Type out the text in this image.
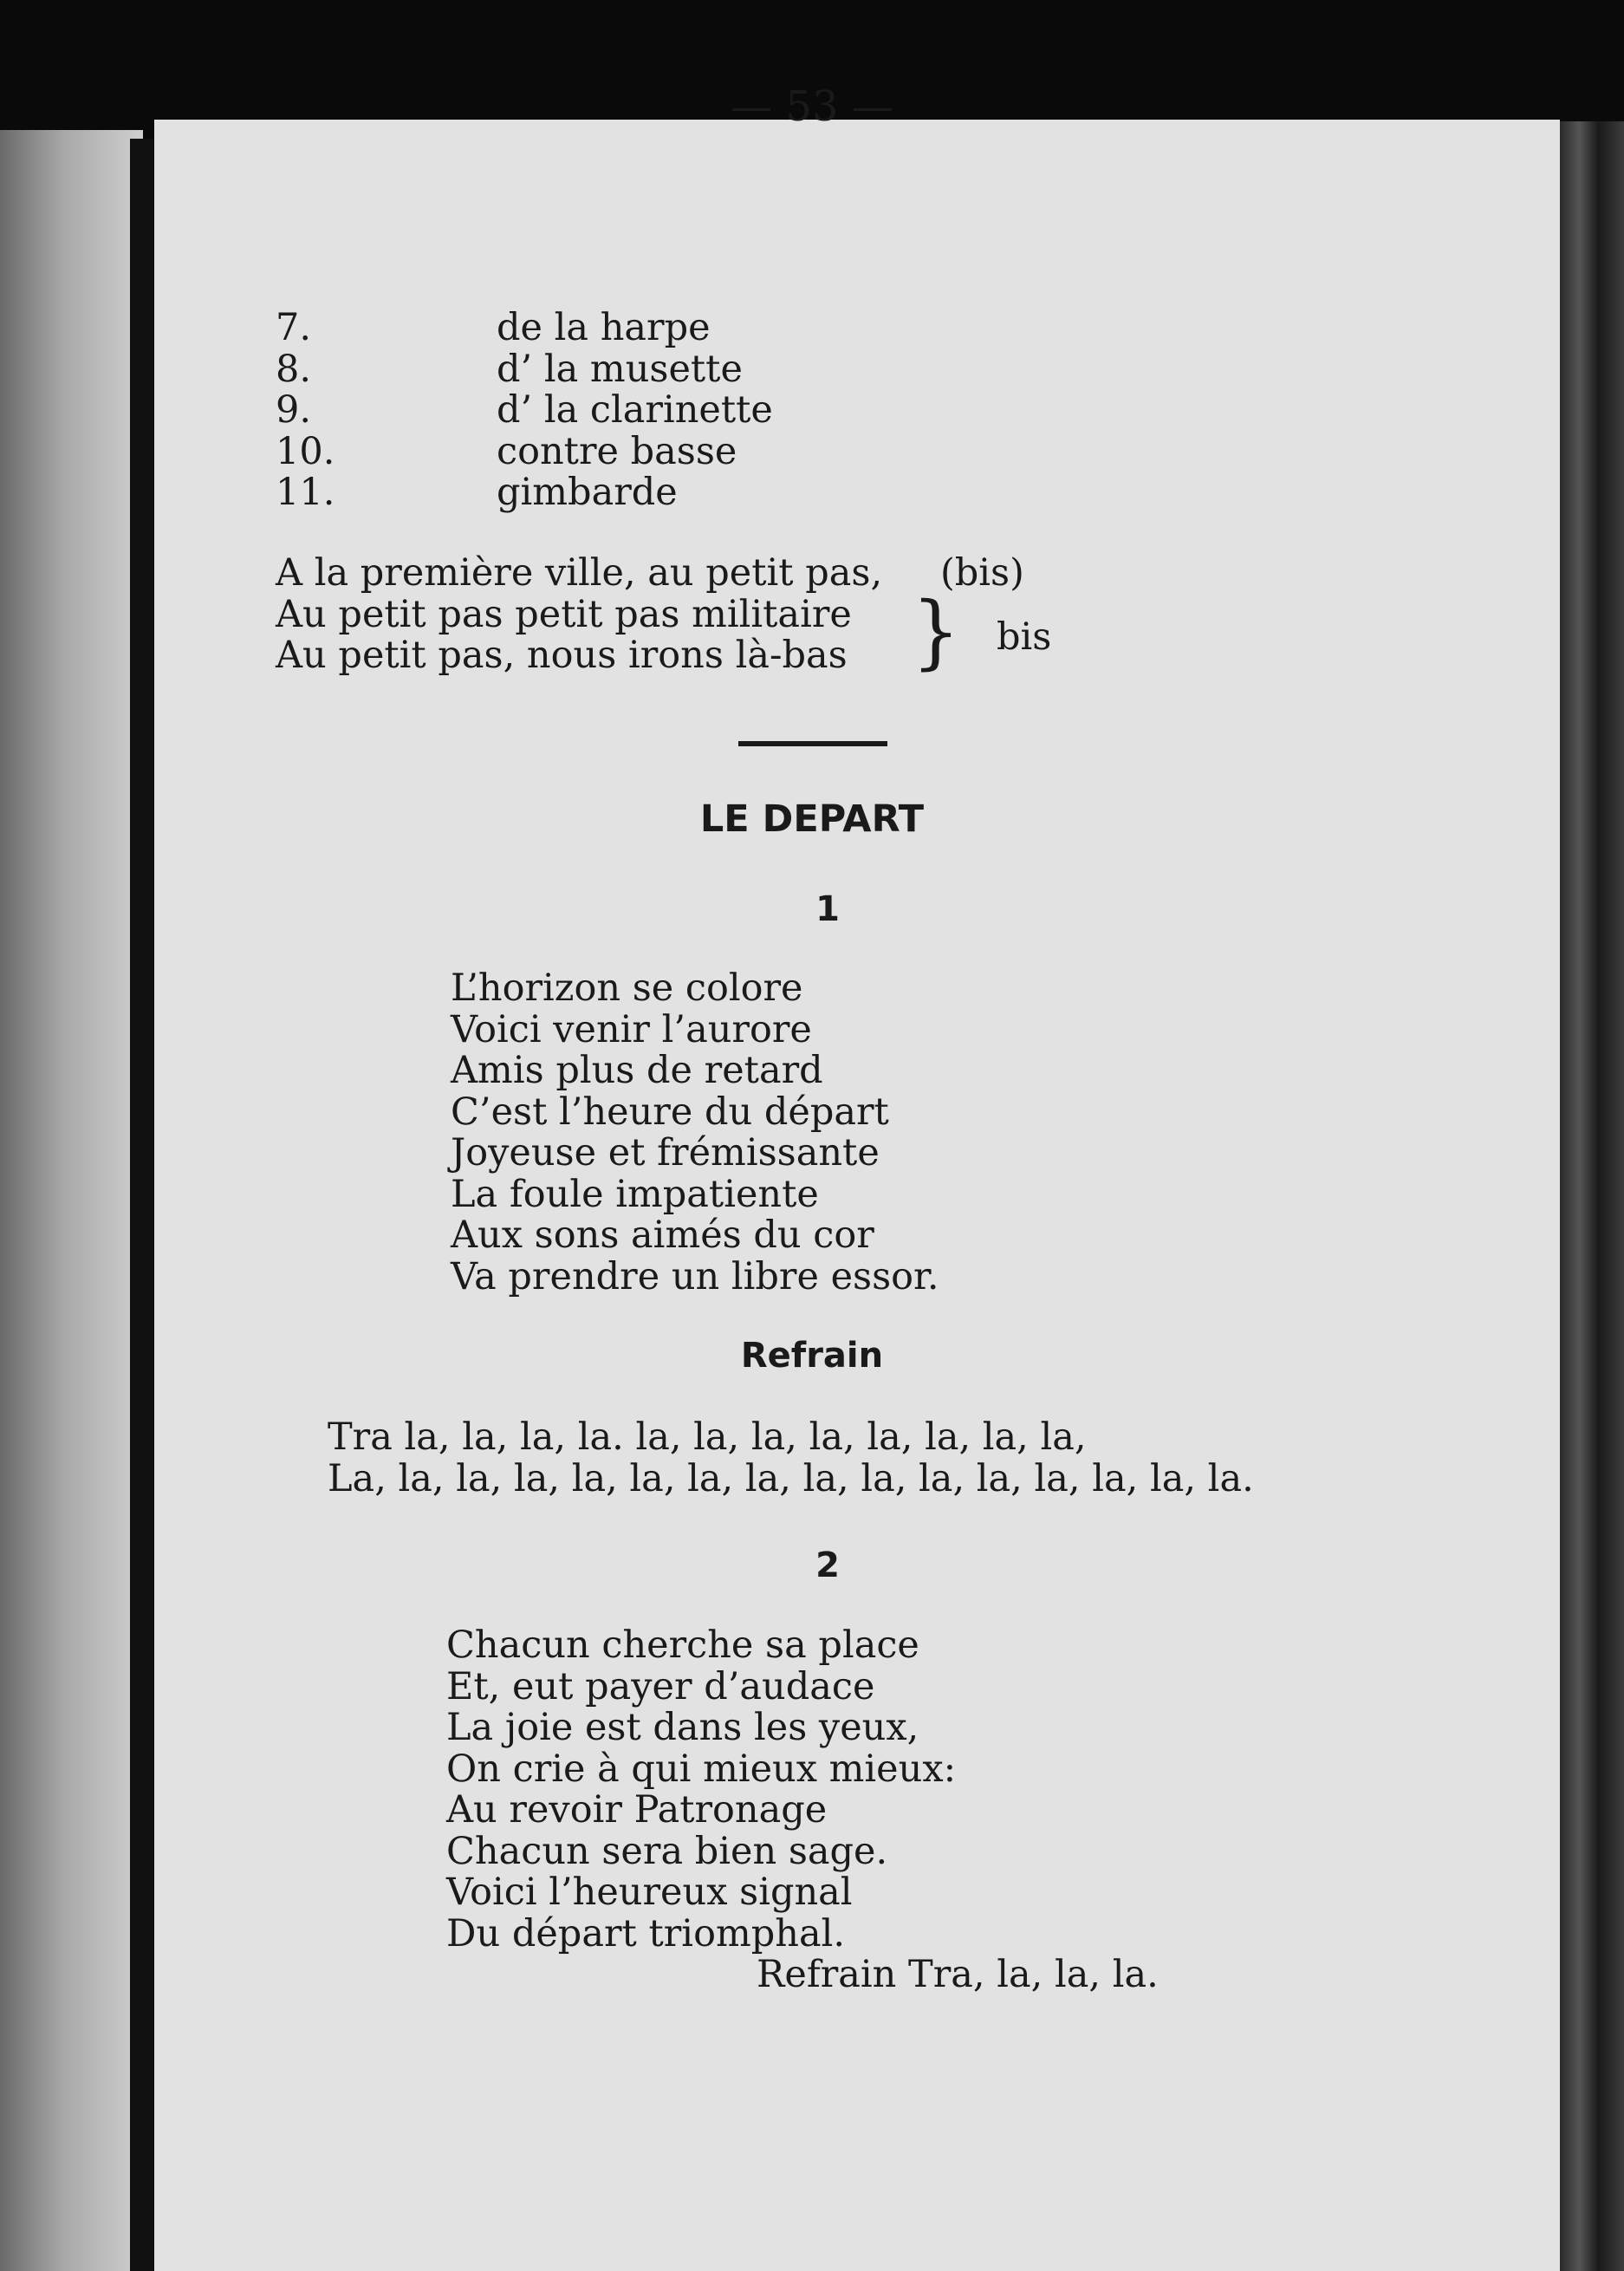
— 53 —
7.
8.
9.
10.
11.
de la harpe
d’ la musette
d’ la clarinette
contre basse
gimbarde
A la première ville, au petit pas,
Au petit pas petit pas militaire
Au petit pas, nous irons là-bas
(bis)
} bis
LE DEPART
1
L’horizon se colore
Voici venir l’aurore
Amis plus de retard
C’est l’heure du départ
Joyeuse et frémissante
La foule impatiente
Aux sons aimés du cor
Va prendre un libre essor.
Refrain
Tra la, la, la, la. la, la, la, la, la, la, la, la,
La, la, la, la, la, la, la, la, la, la, la, la, la, la, la, la.
2
Chacun cherche sa place
Et, eut payer d’audace
La joie est dans les yeux,
On crie à qui mieux mieux:
Au revoir Patronage
Chacun sera bien sage.
Voici l’heureux signal
Du départ triomphal.
Refrain Tra, la, la, la.
